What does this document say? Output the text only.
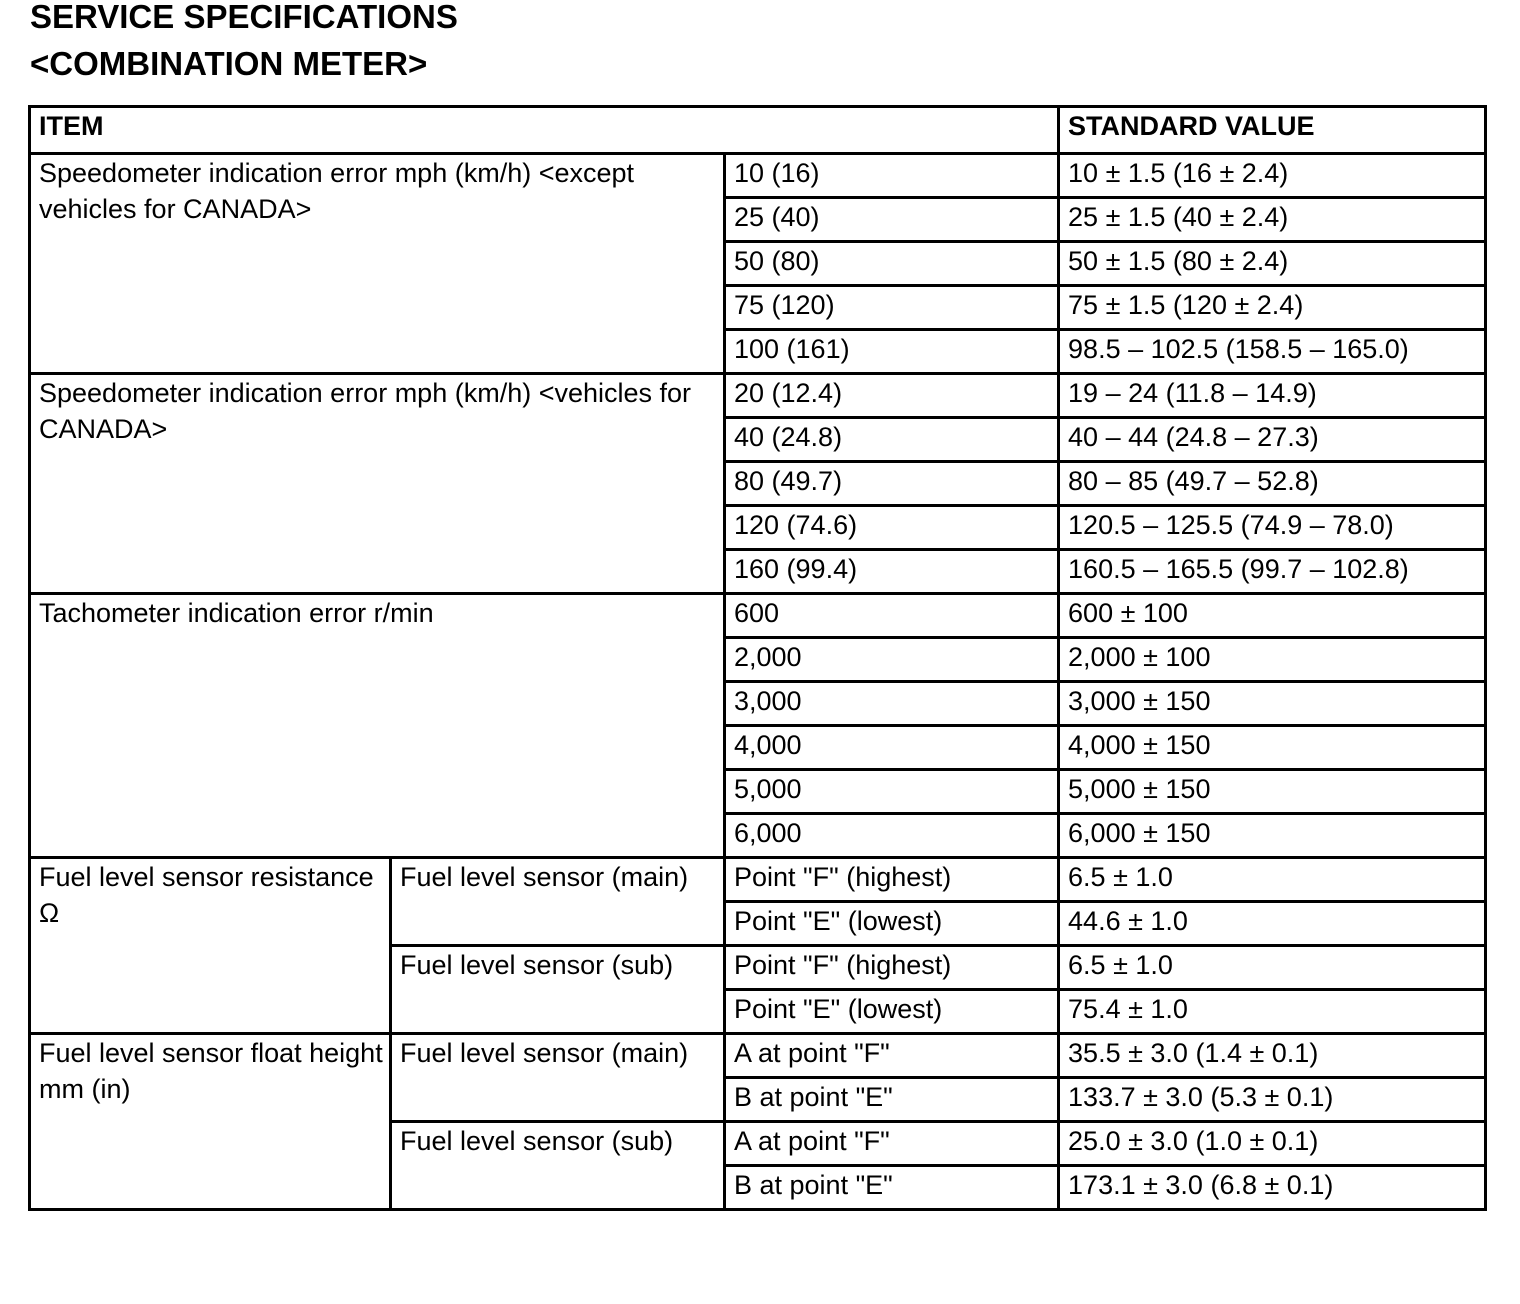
SERVICE SPECIFICATIONS
<COMBINATION METER>
ITEM			STANDARD VALUE
Speedometer indication error mph (km/h) <except vehicles for CANADA>		10 (16)	10 ± 1.5 (16 ± 2.4)
		25 (40)	25 ± 1.5 (40 ± 2.4)
		50 (80)	50 ± 1.5 (80 ± 2.4)
		75 (120)	75 ± 1.5 (120 ± 2.4)
		100 (161)	98.5 – 102.5 (158.5 – 165.0)
Speedometer indication error mph (km/h) <vehicles for CANADA>		20 (12.4)	19 – 24 (11.8 – 14.9)
		40 (24.8)	40 – 44 (24.8 – 27.3)
		80 (49.7)	80 – 85 (49.7 – 52.8)
		120 (74.6)	120.5 – 125.5 (74.9 – 78.0)
		160 (99.4)	160.5 – 165.5 (99.7 – 102.8)
Tachometer indication error r/min		600	600 ± 100
		2,000	2,000 ± 100
		3,000	3,000 ± 150
		4,000	4,000 ± 150
		5,000	5,000 ± 150
		6,000	6,000 ± 150
Fuel level sensor resistance Ω	Fuel level sensor (main)	Point "F" (highest)	6.5 ± 1.0
		Point "E" (lowest)	44.6 ± 1.0
	Fuel level sensor (sub)	Point "F" (highest)	6.5 ± 1.0
		Point "E" (lowest)	75.4 ± 1.0
Fuel level sensor float height mm (in)	Fuel level sensor (main)	A at point "F"	35.5 ± 3.0 (1.4 ± 0.1)
		B at point "E"	133.7 ± 3.0 (5.3 ± 0.1)
	Fuel level sensor (sub)	A at point "F"	25.0 ± 3.0 (1.0 ± 0.1)
		B at point "E"	173.1 ± 3.0 (6.8 ± 0.1)
